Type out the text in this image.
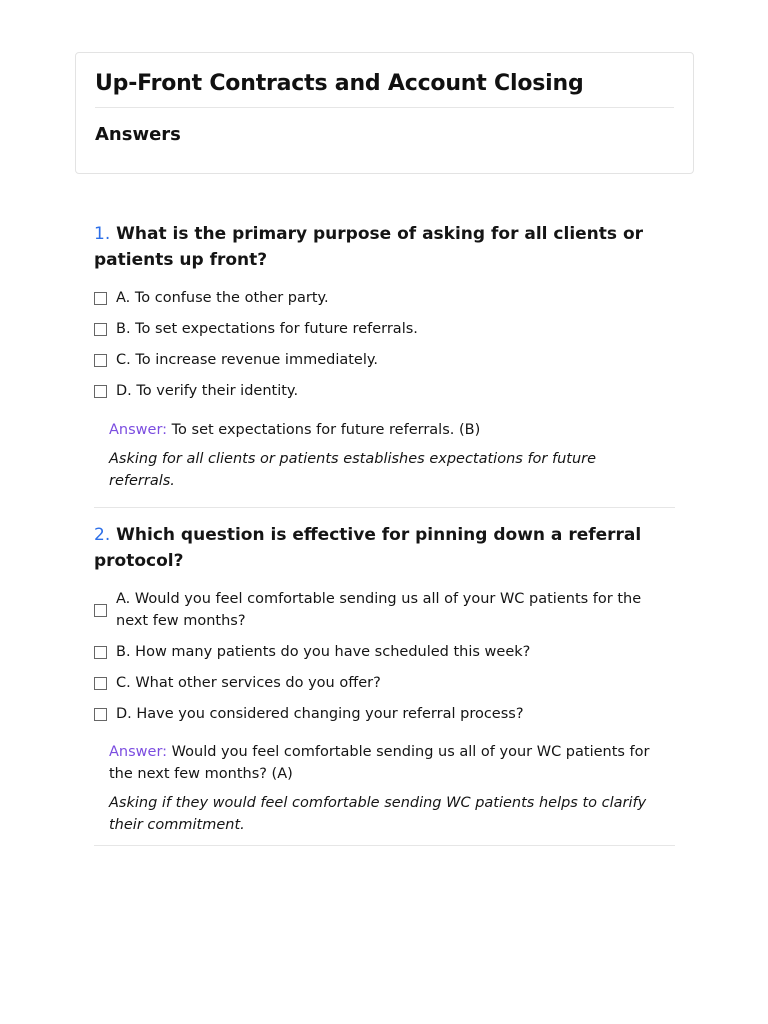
Up-Front Contracts and Account Closing
Answers

1. What is the primary purpose of asking for all clients or patients up front?

A. To confuse the other party.
B. To set expectations for future referrals.
C. To increase revenue immediately.
D. To verify their identity.

Answer: To set expectations for future referrals. (B)

Asking for all clients or patients establishes expectations for future referrals.

2. Which question is effective for pinning down a referral protocol?

A. Would you feel comfortable sending us all of your WC patients for the next few months?
B. How many patients do you have scheduled this week?
C. What other services do you offer?
D. Have you considered changing your referral process?

Answer: Would you feel comfortable sending us all of your WC patients for the next few months? (A)

Asking if they would feel comfortable sending WC patients helps to clarify their commitment.
